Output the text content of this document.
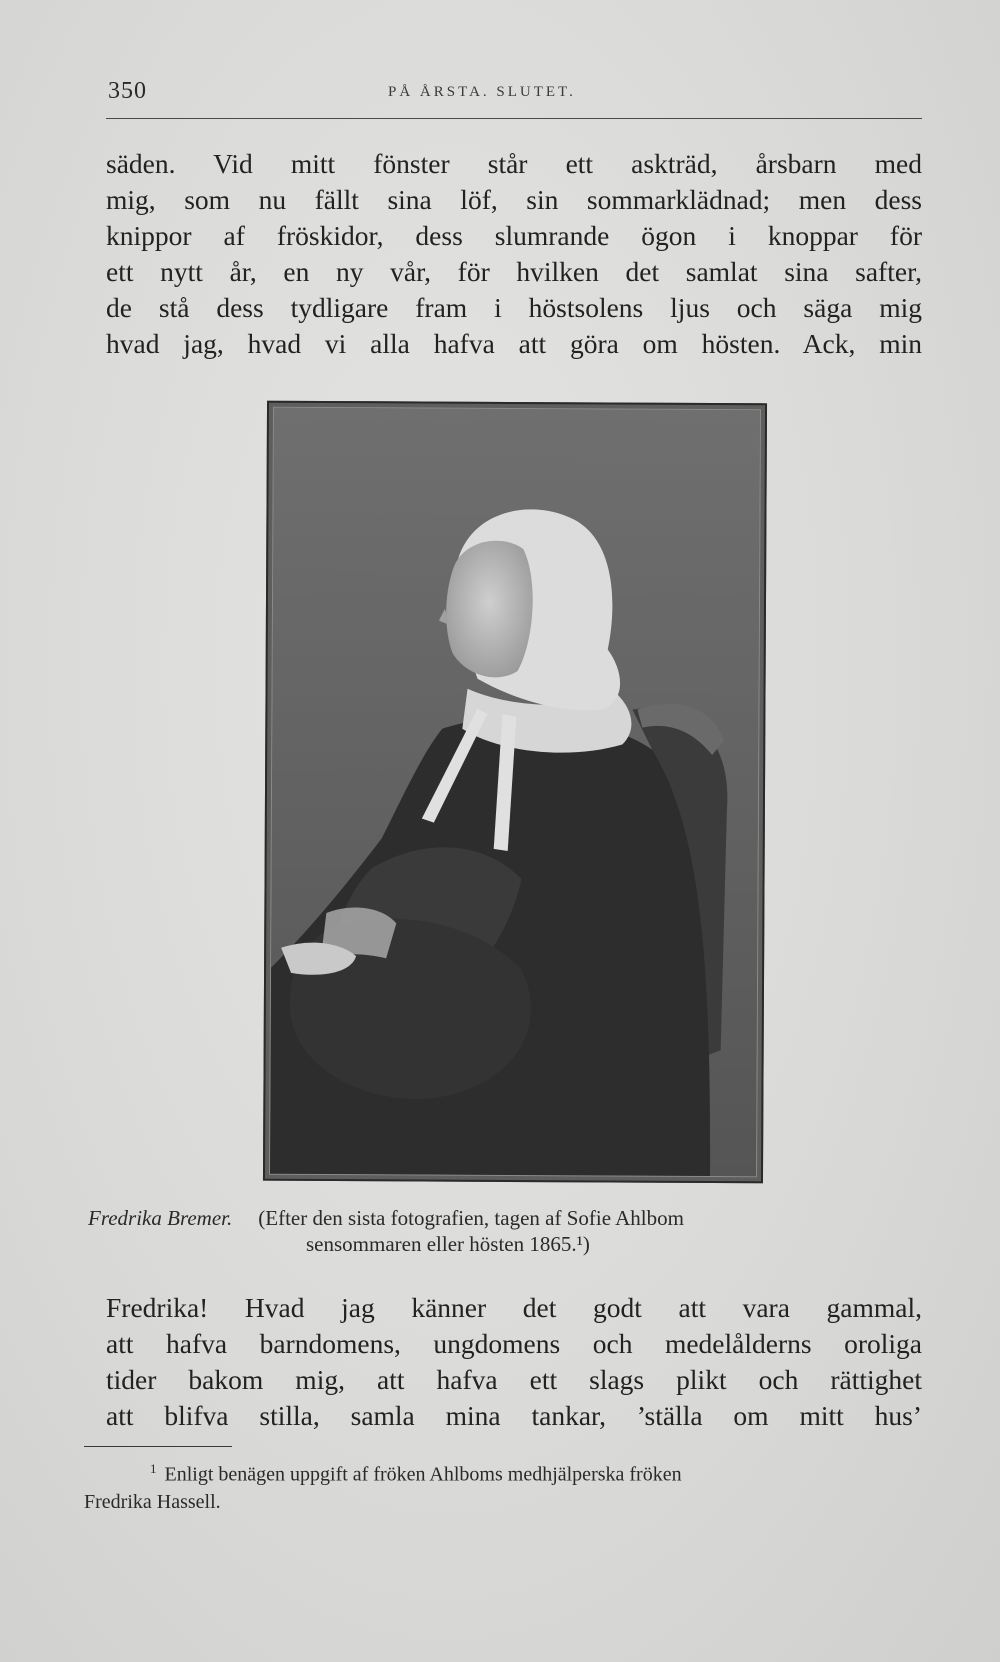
350	PÅ ÅRSTA. SLUTET.
säden. Vid mitt fönster står ett askträd, årsbarn med
mig, som nu fällt sina löf, sin sommarklädnad; men dess
knippor af fröskidor, dess slumrande ögon i knoppar för
ett nytt år, en ny vår, för hvilken det samlat sina safter,
de stå dess tydligare fram i höstsolens ljus och säga mig
hvad jag, hvad vi alla hafva att göra om hösten. Ack, min
Fredrika Bremer. (Efter den sista fotografien, tagen af Sofie Ahlbom
sensommaren eller hösten 1865.¹)
Fredrika! Hvad jag känner det godt att vara gammal,
att hafva barndomens, ungdomens och medelålderns oroliga
tider bakom mig, att hafva ett slags plikt och rättighet
att blifva stilla, samla mina tankar, ’ställa om mitt hus’
$^1$ Enligt benägen uppgift af fröken Ahlboms medhjälperska fröken
Fredrika Hassell.
